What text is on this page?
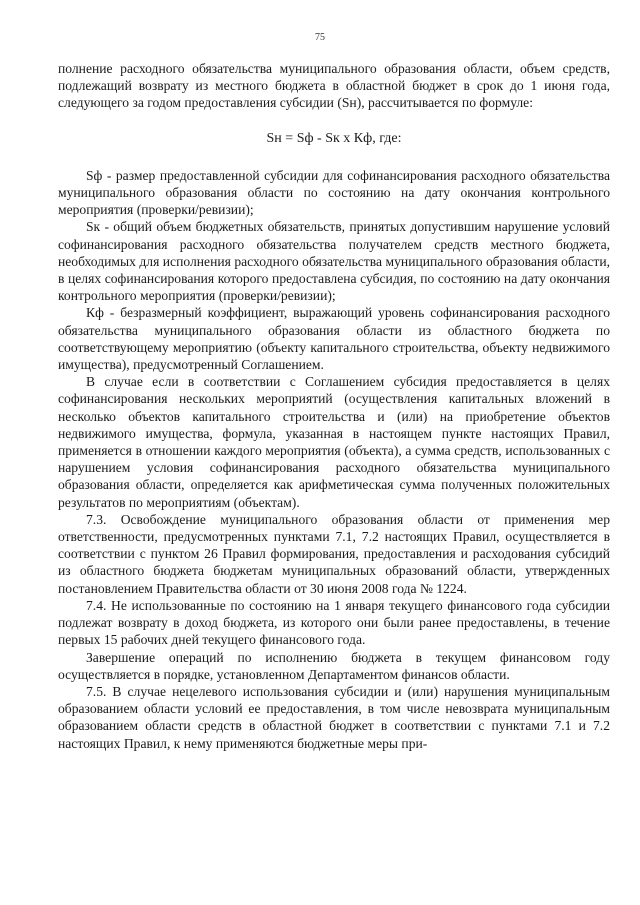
75

полнение расходного обязательства муниципального образования области, объем средств, подлежащий возврату из местного бюджета в областной бюджет в срок до 1 июня года, следующего за годом предоставления субсидии (Sн), рассчитывается по формуле:

Sн = Sф - Sк х Кф, где:

Sф - размер предоставленной субсидии для софинансирования расходного обязательства муниципального образования области по состоянию на дату окончания контрольного мероприятия (проверки/ревизии);

Sк - общий объем бюджетных обязательств, принятых допустившим нарушение условий софинансирования расходного обязательства получателем средств местного бюджета, необходимых для исполнения расходного обязательства муниципального образования области, в целях софинансирования которого предоставлена субсидия, по состоянию на дату окончания контрольного мероприятия (проверки/ревизии);

Кф - безразмерный коэффициент, выражающий уровень софинансирования расходного обязательства муниципального образования области из областного бюджета по соответствующему мероприятию (объекту капитального строительства, объекту недвижимого имущества), предусмотренный Соглашением.

В случае если в соответствии с Соглашением субсидия предоставляется в целях софинансирования нескольких мероприятий (осуществления капитальных вложений в несколько объектов капитального строительства и (или) на приобретение объектов недвижимого имущества, формула, указанная в настоящем пункте настоящих Правил, применяется в отношении каждого мероприятия (объекта), а сумма средств, использованных с нарушением условия софинансирования расходного обязательства муниципального образования области, определяется как арифметическая сумма полученных положительных результатов по мероприятиям (объектам).

7.3. Освобождение муниципального образования области от применения мер ответственности, предусмотренных пунктами 7.1, 7.2 настоящих Правил, осуществляется в соответствии с пунктом 26 Правил формирования, предоставления и расходования субсидий из областного бюджета бюджетам муниципальных образований области, утвержденных постановлением Правительства области от 30 июня 2008 года № 1224.

7.4. Не использованные по состоянию на 1 января текущего финансового года субсидии подлежат возврату в доход бюджета, из которого они были ранее предоставлены, в течение первых 15 рабочих дней текущего финансового года.

Завершение операций по исполнению бюджета в текущем финансовом году осуществляется в порядке, установленном Департаментом финансов области.

7.5. В случае нецелевого использования субсидии и (или) нарушения муниципальным образованием области условий ее предоставления, в том числе невозврата муниципальным образованием области средств в областной бюджет в соответствии с пунктами 7.1 и 7.2 настоящих Правил, к нему применяются бюджетные меры при-
